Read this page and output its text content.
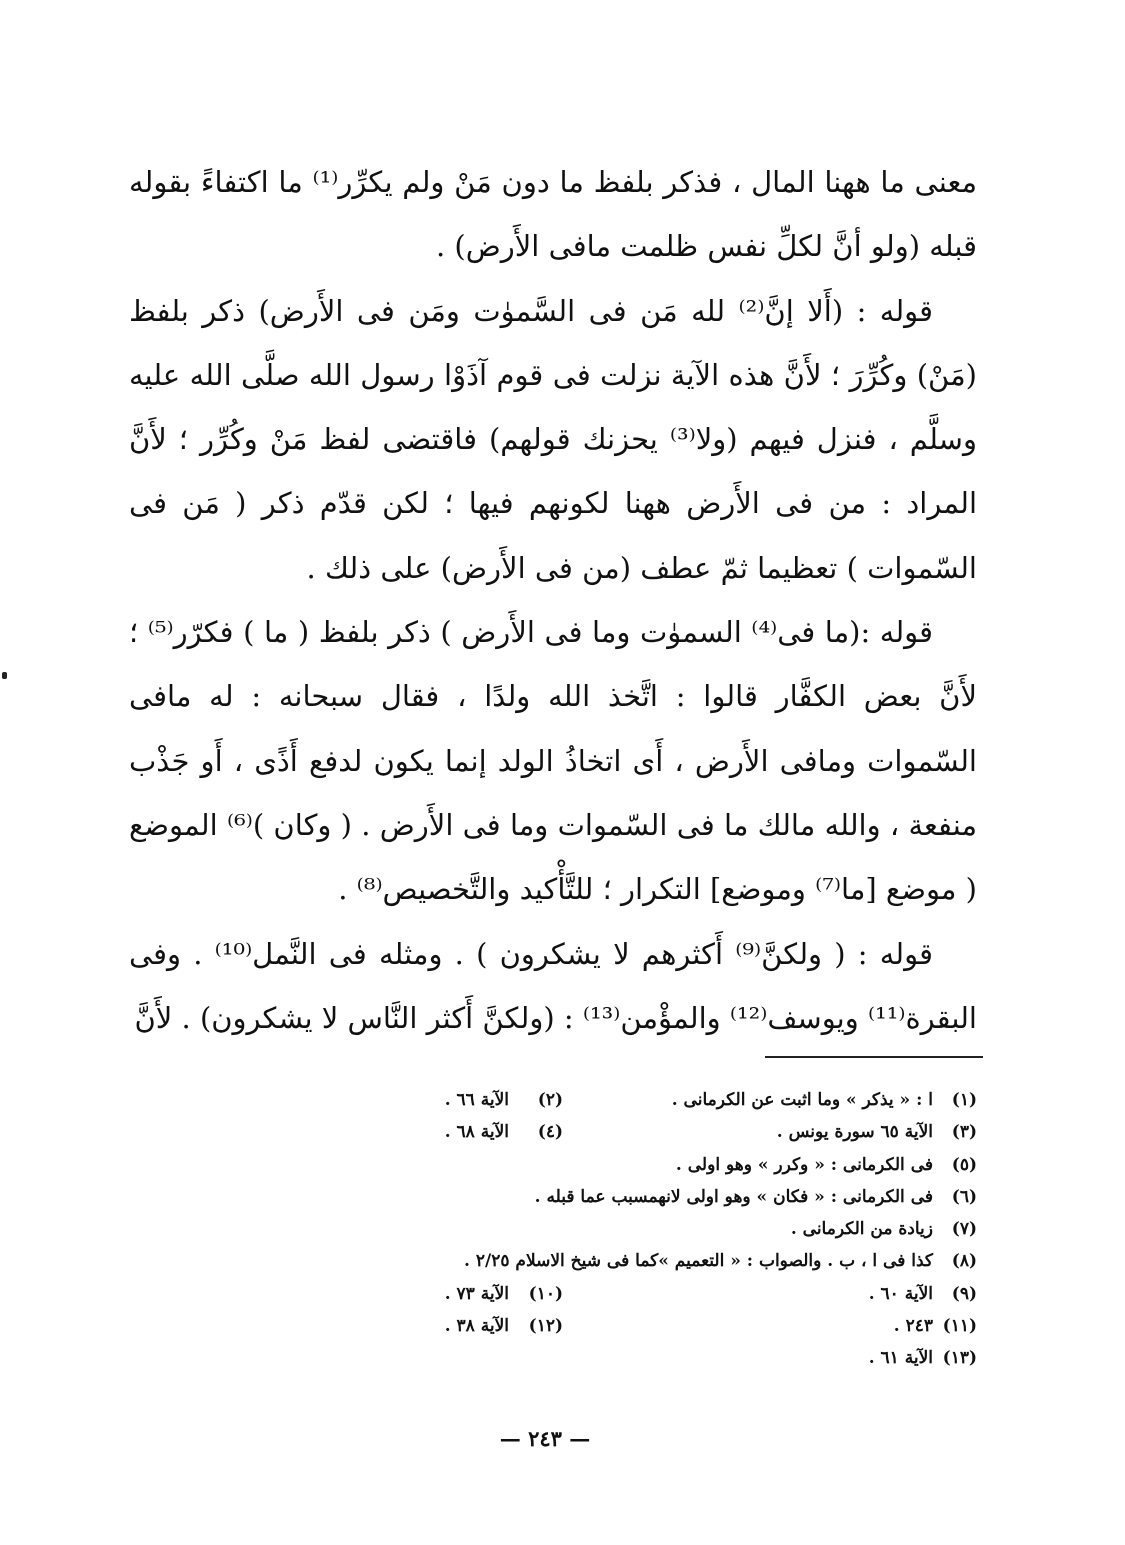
معنى ما ههنا المال ، فذكر بلفظ ما دون مَنْ ولم يكرِّر⁽¹⁾ ما اكتفاءً بقوله قبله (ولو أنَّ لكلِّ نفس ظلمت مافى الأَرض) .

قوله : (أَلا إنَّ⁽²⁾ لله مَن فى السَّموٰت ومَن فى الأَرض) ذكر بلفظ (مَنْ) وكُرِّرَ ؛ لأَنَّ هذه الآية نزلت فى قوم آذَوْا رسول الله صلَّى الله عليه وسلَّم ، فنزل فيهم (ولا⁽³⁾ يحزنك قولهم) فاقتضى لفظ مَنْ وكُرِّر ؛ لأَنَّ المراد : من فى الأَرض ههنا لكونهم فيها ؛ لكن قدّم ذكر ( مَن فى السّموات ) تعظيما ثمّ عطف (من فى الأَرض) على ذلك .

قوله :(ما فى⁽⁴⁾ السموٰت وما فى الأَرض ) ذكر بلفظ ( ما ) فكرّر⁽⁵⁾ ؛ لأَنَّ بعض الكفَّار قالوا : اتَّخذ الله ولدًا ، فقال سبحانه : له مافى السّموات ومافى الأَرض ، أَى اتخاذُ الولد إنما يكون لدفع أَذًى ، أَو جَذْب منفعة ، والله مالك ما فى السّموات وما فى الأَرض . ( وكان )⁽⁶⁾ الموضع ( موضع [ما⁽⁷⁾ وموضع] التكرار ؛ للتَّأْكيد والتَّخصيص⁽⁸⁾ .

قوله : ( ولكنَّ⁽⁹⁾ أَكثرهم لا يشكرون ) . ومثله فى النَّمل⁽¹⁰⁾ . وفى البقرة⁽¹¹⁾ ويوسف⁽¹²⁾ والمؤْمن⁽¹³⁾ : (ولكنَّ أَكثر النَّاس لا يشكرون) . لأَنَّ

(١)
ا : « يذكر » وما اثبت عن الكرمانى .
(٢)
الآية ٦٦ .
(٣)
الآية ٦٥ سورة يونس .
(٤)
الآية ٦٨ .
(٥)
فى الكرمانى : « وكرر » وهو اولى .
(٦)
فى الكرمانى : « فكان » وهو اولى لانهمسبب عما قبله .
(٧)
زيادة من الكرمانى .
(٨)
كذا فى ا ، ب . والصواب : « التعميم »كما فى شيخ الاسلام ٢/٢٥ .
(٩)
الآية ٦٠ .
(١٠)
الآية ٧٣ .
(١١)
٢٤٣ .
(١٢)
الآية ٣٨ .
(١٣)
الآية ٦١ .
— ٢٤٣ —
